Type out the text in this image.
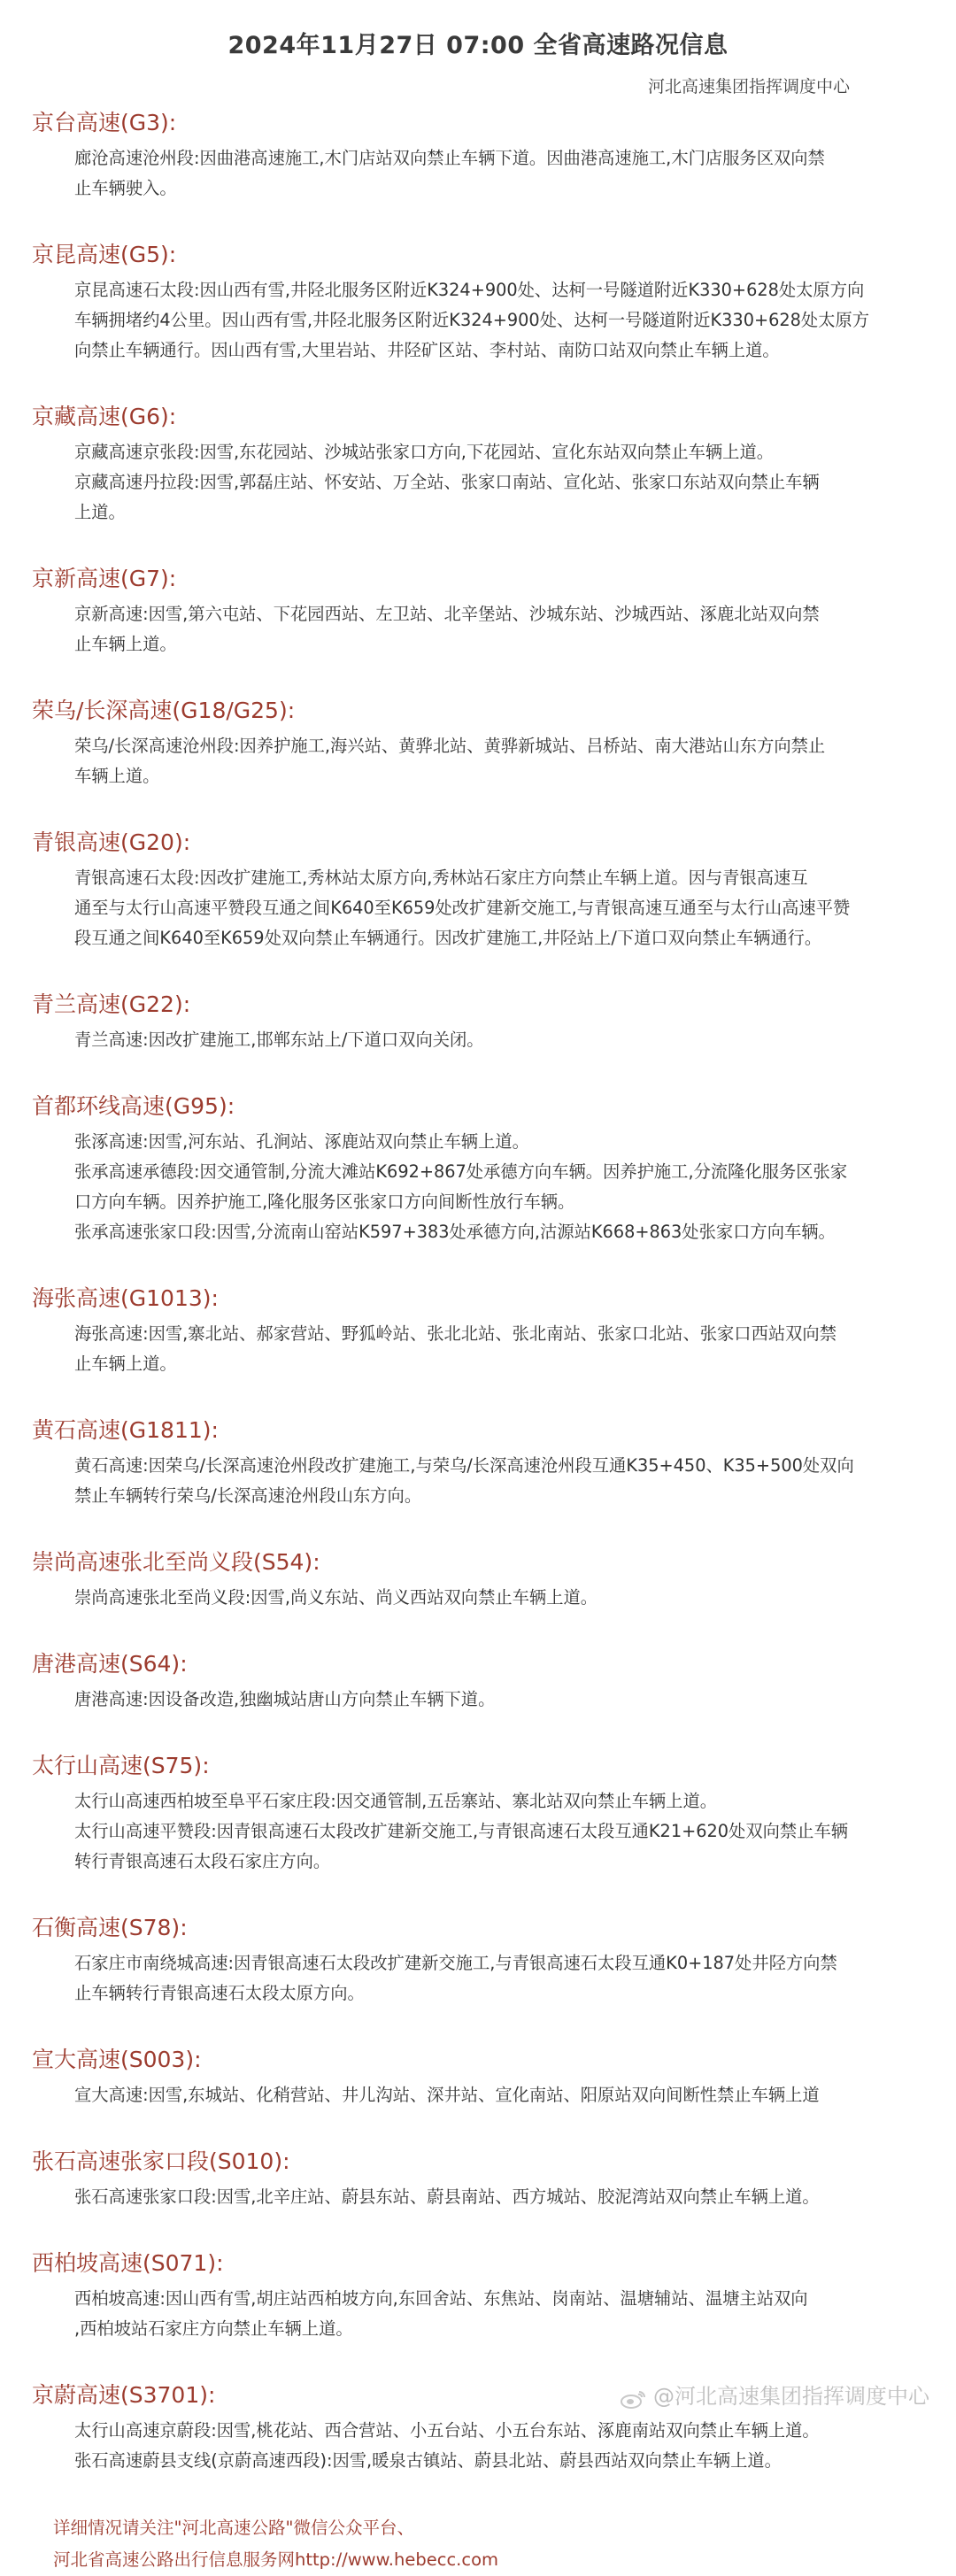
2024年11月27日 07:00 全省高速路况信息
河北高速集团指挥调度中心
京台高速(G3):
廊沧高速沧州段:因曲港高速施工,木门店站双向禁止车辆下道。因曲港高速施工,木门店服务区双向禁
止车辆驶入。
京昆高速(G5):
京昆高速石太段:因山西有雪,井陉北服务区附近K324+900处、达柯一号隧道附近K330+628处太原方向
车辆拥堵约4公里。因山西有雪,井陉北服务区附近K324+900处、达柯一号隧道附近K330+628处太原方
向禁止车辆通行。因山西有雪,大里岩站、井陉矿区站、李村站、南防口站双向禁止车辆上道。
京藏高速(G6):
京藏高速京张段:因雪,东花园站、沙城站张家口方向,下花园站、宣化东站双向禁止车辆上道。
京藏高速丹拉段:因雪,郭磊庄站、怀安站、万全站、张家口南站、宣化站、张家口东站双向禁止车辆
上道。
京新高速(G7):
京新高速:因雪,第六屯站、下花园西站、左卫站、北辛堡站、沙城东站、沙城西站、涿鹿北站双向禁
止车辆上道。
荣乌/长深高速(G18/G25):
荣乌/长深高速沧州段:因养护施工,海兴站、黄骅北站、黄骅新城站、吕桥站、南大港站山东方向禁止
车辆上道。
青银高速(G20):
青银高速石太段:因改扩建施工,秀林站太原方向,秀林站石家庄方向禁止车辆上道。因与青银高速互
通至与太行山高速平赞段互通之间K640至K659处改扩建新交施工,与青银高速互通至与太行山高速平赞
段互通之间K640至K659处双向禁止车辆通行。因改扩建施工,井陉站上/下道口双向禁止车辆通行。
青兰高速(G22):
青兰高速:因改扩建施工,邯郸东站上/下道口双向关闭。
首都环线高速(G95):
张涿高速:因雪,河东站、孔涧站、涿鹿站双向禁止车辆上道。
张承高速承德段:因交通管制,分流大滩站K692+867处承德方向车辆。因养护施工,分流隆化服务区张家
口方向车辆。因养护施工,隆化服务区张家口方向间断性放行车辆。
张承高速张家口段:因雪,分流南山窑站K597+383处承德方向,沽源站K668+863处张家口方向车辆。
海张高速(G1013):
海张高速:因雪,寨北站、郝家营站、野狐岭站、张北北站、张北南站、张家口北站、张家口西站双向禁
止车辆上道。
黄石高速(G1811):
黄石高速:因荣乌/长深高速沧州段改扩建施工,与荣乌/长深高速沧州段互通K35+450、K35+500处双向
禁止车辆转行荣乌/长深高速沧州段山东方向。
崇尚高速张北至尚义段(S54):
崇尚高速张北至尚义段:因雪,尚义东站、尚义西站双向禁止车辆上道。
唐港高速(S64):
唐港高速:因设备改造,独幽城站唐山方向禁止车辆下道。
太行山高速(S75):
太行山高速西柏坡至阜平石家庄段:因交通管制,五岳寨站、寨北站双向禁止车辆上道。
太行山高速平赞段:因青银高速石太段改扩建新交施工,与青银高速石太段互通K21+620处双向禁止车辆
转行青银高速石太段石家庄方向。
石衡高速(S78):
石家庄市南绕城高速:因青银高速石太段改扩建新交施工,与青银高速石太段互通K0+187处井陉方向禁
止车辆转行青银高速石太段太原方向。
宣大高速(S003):
宣大高速:因雪,东城站、化稍营站、井儿沟站、深井站、宣化南站、阳原站双向间断性禁止车辆上道
张石高速张家口段(S010):
张石高速张家口段:因雪,北辛庄站、蔚县东站、蔚县南站、西方城站、胶泥湾站双向禁止车辆上道。
西柏坡高速(S071):
西柏坡高速:因山西有雪,胡庄站西柏坡方向,东回舍站、东焦站、岗南站、温塘辅站、温塘主站双向
,西柏坡站石家庄方向禁止车辆上道。
京蔚高速(S3701):
太行山高速京蔚段:因雪,桃花站、西合营站、小五台站、小五台东站、涿鹿南站双向禁止车辆上道。
张石高速蔚县支线(京蔚高速西段):因雪,暖泉古镇站、蔚县北站、蔚县西站双向禁止车辆上道。
详细情况请关注"河北高速公路"微信公众平台、
河北省高速公路出行信息服务网http://www.hebecc.com
@河北高速集团指挥调度中心
